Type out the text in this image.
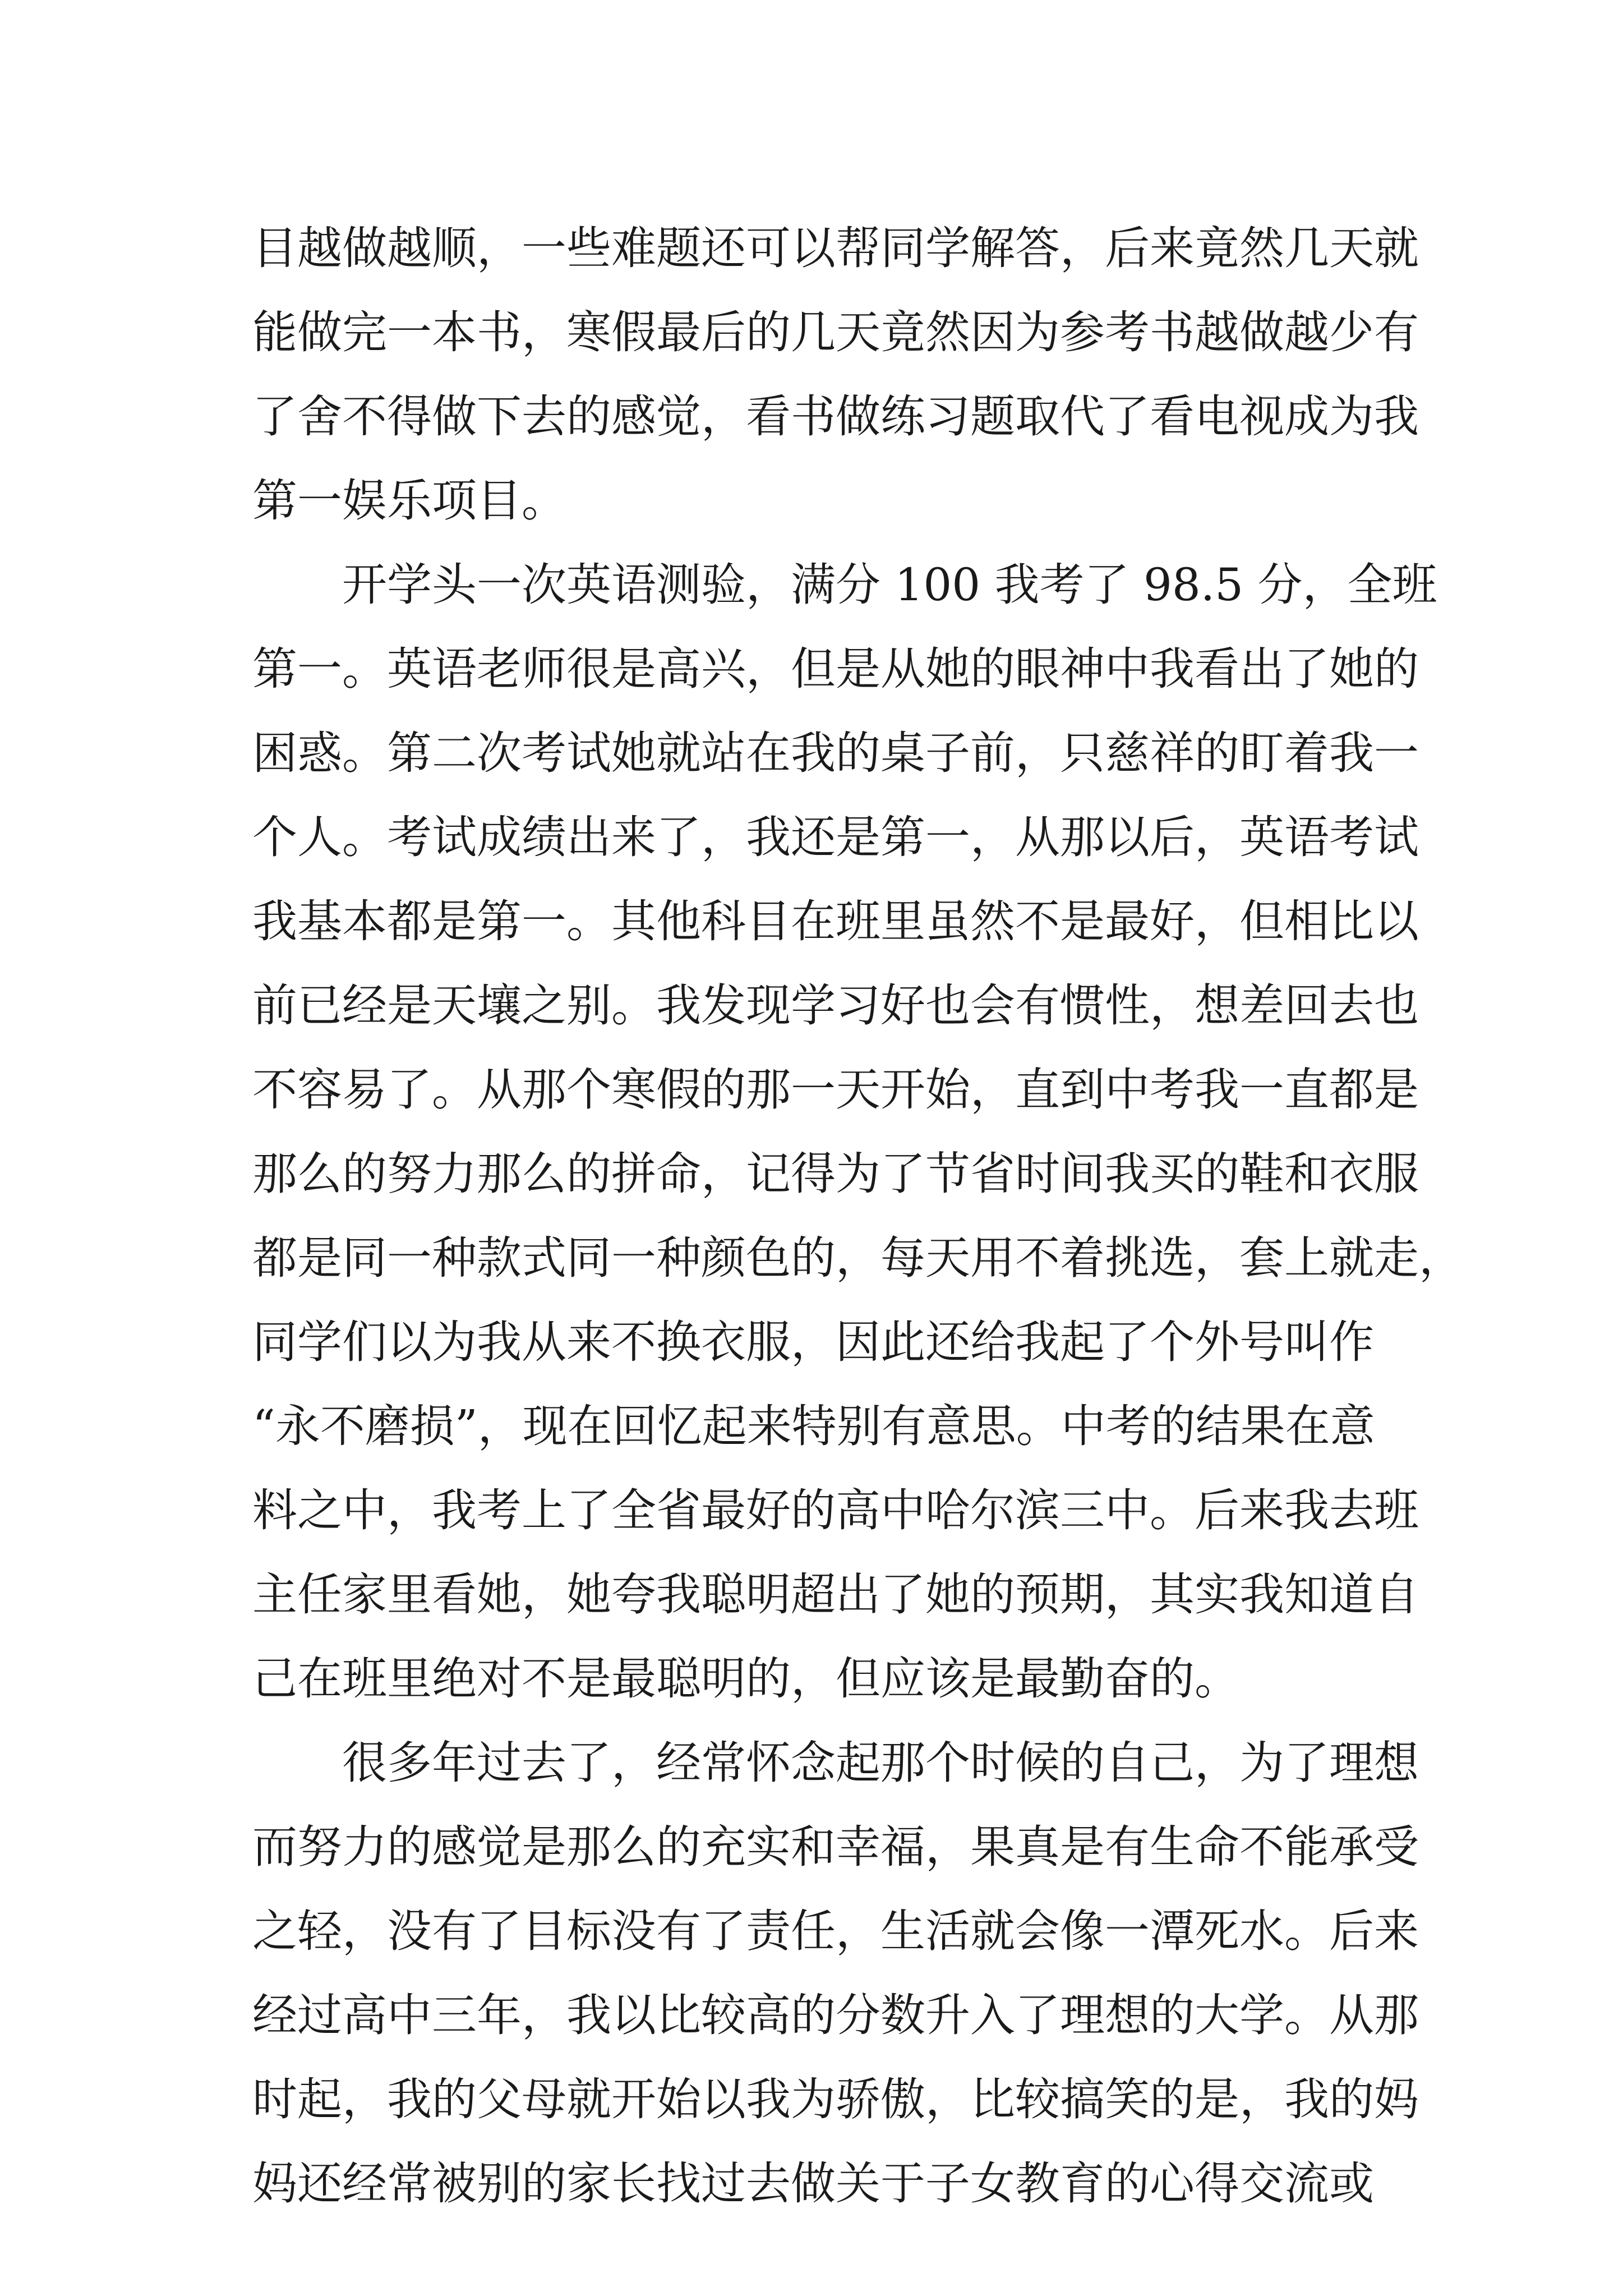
目越做越顺，一些难题还可以帮同学解答，后来竟然几天就
能做完一本书，寒假最后的几天竟然因为参考书越做越少有
了舍不得做下去的感觉，看书做练习题取代了看电视成为我
第一娱乐项目。

开学头一次英语测验，满分 100 我考了 98.5 分，全班
第一。英语老师很是高兴，但是从她的眼神中我看出了她的
困惑。第二次考试她就站在我的桌子前，只慈祥的盯着我一
个人。考试成绩出来了，我还是第一，从那以后，英语考试
我基本都是第一。其他科目在班里虽然不是最好，但相比以
前已经是天壤之别。我发现学习好也会有惯性，想差回去也
不容易了。从那个寒假的那一天开始，直到中考我一直都是
那么的努力那么的拼命，记得为了节省时间我买的鞋和衣服
都是同一种款式同一种颜色的，每天用不着挑选，套上就走，
同学们以为我从来不换衣服，因此还给我起了个外号叫作
“永不磨损”，现在回忆起来特别有意思。中考的结果在意
料之中，我考上了全省最好的高中哈尔滨三中。后来我去班
主任家里看她，她夸我聪明超出了她的预期，其实我知道自
己在班里绝对不是最聪明的，但应该是最勤奋的。

很多年过去了，经常怀念起那个时候的自己，为了理想
而努力的感觉是那么的充实和幸福，果真是有生命不能承受
之轻，没有了目标没有了责任，生活就会像一潭死水。后来
经过高中三年，我以比较高的分数升入了理想的大学。从那
时起，我的父母就开始以我为骄傲，比较搞笑的是，我的妈
妈还经常被别的家长找过去做关于子女教育的心得交流或
